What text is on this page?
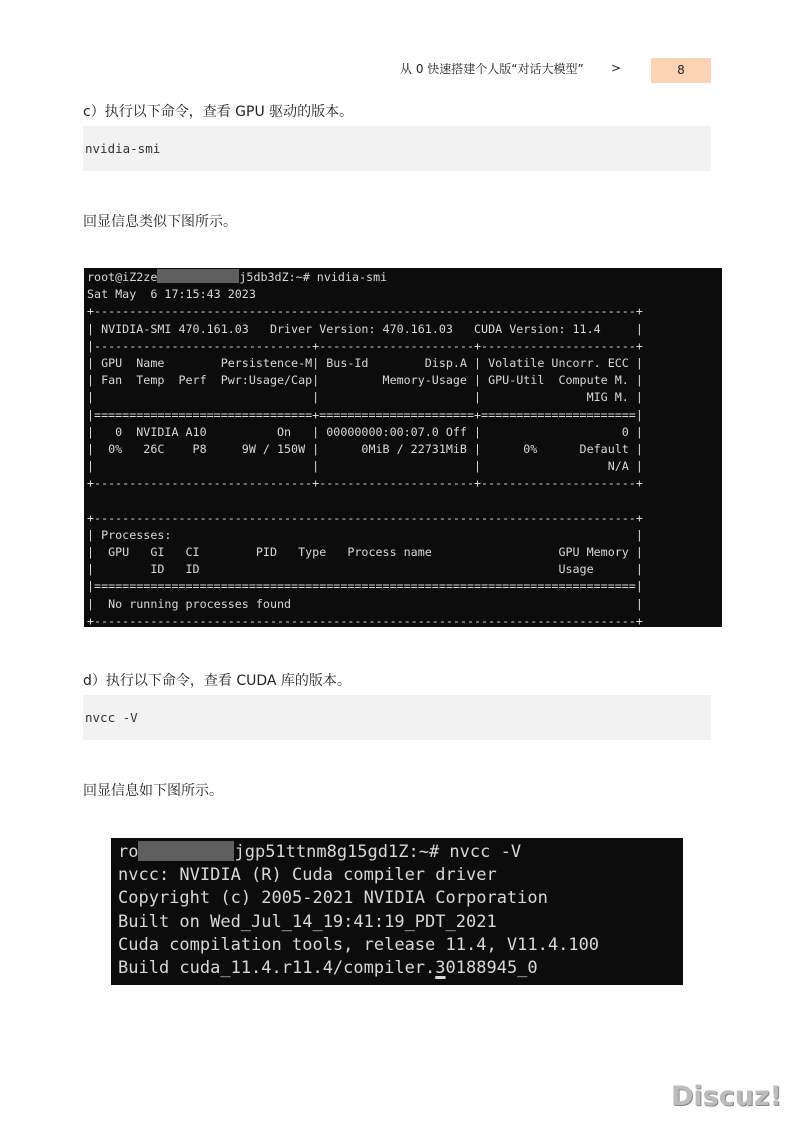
从 0 快速搭建个人版“对话大模型” >	8
c）执行以下命令，查看 GPU 驱动的版本。
nvidia-smi
回显信息类似下图所示。
root@iZ2ze	j5db3dZ:~# nvidia-smi
Sat May  6 17:15:43 2023
+-----------------------------------------------------------------------------+
| NVIDIA-SMI 470.161.03   Driver Version: 470.161.03   CUDA Version: 11.4     |
|-------------------------------+----------------------+----------------------+
| GPU  Name        Persistence-M| Bus-Id        Disp.A | Volatile Uncorr. ECC |
| Fan  Temp  Perf  Pwr:Usage/Cap|         Memory-Usage | GPU-Util  Compute M. |
|                               |                      |               MIG M. |
|===============================+======================+======================|
|   0  NVIDIA A10          On   | 00000000:00:07.0 Off |                    0 |
|  0%   26C    P8     9W / 150W |      0MiB / 22731MiB |      0%      Default |
|                               |                      |                  N/A |
+-------------------------------+----------------------+----------------------+
+-----------------------------------------------------------------------------+
| Processes:                                                                  |
|  GPU   GI   CI        PID   Type   Process name                  GPU Memory |
|        ID   ID                                                   Usage      |
|=============================================================================|
|  No running processes found                                                 |
+-----------------------------------------------------------------------------+
d）执行以下命令，查看 CUDA 库的版本。
nvcc -V
回显信息如下图所示。
ro	jgp51ttnm8g15gd1Z:~# nvcc -V
nvcc: NVIDIA (R) Cuda compiler driver
Copyright (c) 2005-2021 NVIDIA Corporation
Built on Wed_Jul_14_19:41:19_PDT_2021
Cuda compilation tools, release 11.4, V11.4.100
Build cuda_11.4.r11.4/compiler.30188945_0
Discuz!
